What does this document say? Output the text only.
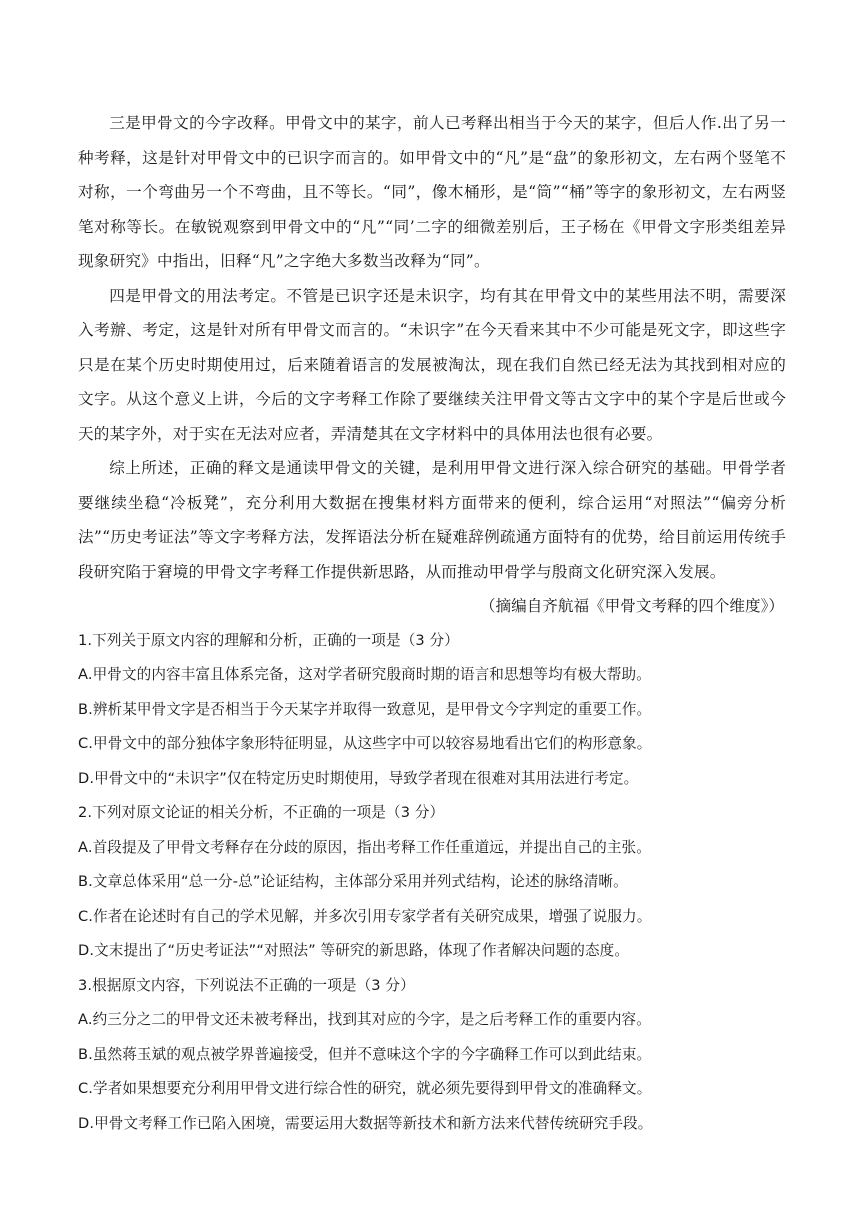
三是甲骨文的今字改释。甲骨文中的某字，前人已考释出相当于今天的某字，但后人作.出了另一种考释，这是针对甲骨文中的已识字而言的。如甲骨文中的“凡”是“盘”的象形初文，左右两个竖笔不对称，一个弯曲另一个不弯曲，且不等长。“同”，像木桶形，是“筒”“桶”等字的象形初文，左右两竖笔对称等长。在敏锐观察到甲骨文中的“凡”“同’二字的细微差别后，王子杨在《甲骨文字形类组差异现象研究》中指出，旧释“凡”之字绝大多数当改释为“同”。

四是甲骨文的用法考定。不管是已识字还是未识字，均有其在甲骨文中的某些用法不明，需要深入考辦、考定，这是针对所有甲骨文而言的。“未识字”在今天看来其中不少可能是死文字，即这些字只是在某个历史时期使用过，后来随着语言的发展被淘汰，现在我们自然已经无法为其找到相对应的文字。从这个意义上讲，今后的文字考释工作除了要继续关注甲骨文等古文字中的某个字是后世或今天的某字外，对于实在无法对应者，弄清楚其在文字材料中的具体用法也很有必要。

综上所述，正确的释文是通读甲骨文的关键，是利用甲骨文进行深入综合研究的基础。甲骨学者要继续坐稳“冷板凳”，充分利用大数据在搜集材料方面带来的便利，综合运用“对照法”“偏旁分析法”“历史考证法”等文字考释方法，发挥语法分析在疑难辞例疏通方面特有的优势，给目前运用传统手段研究陷于窘境的甲骨文字考释工作提供新思路，从而推动甲骨学与殷商文化研究深入发展。

（摘编自齐航福《甲骨文考释的四个维度》）

1.下列关于原文内容的理解和分析，正确的一项是（3 分）

A.甲骨文的内容丰富且体系完备，这对学者研究殷商时期的语言和思想等均有极大帮助。

B.辨析某甲骨文字是否相当于今天某字并取得一致意见，是甲骨文今字判定的重要工作。

C.甲骨文中的部分独体字象形特征明显，从这些字中可以较容易地看出它们的构形意象。

D.甲骨文中的“未识字”仅在特定历史时期使用，导致学者现在很难对其用法进行考定。

2.下列对原文论证的相关分析，不正确的一项是（3 分）

A.首段提及了甲骨文考释存在分歧的原因，指出考释工作任重道远，并提出自己的主张。

B.文章总体采用“总一分-总”论证结构，主体部分采用并列式结构，论述的脉络清晰。

C.作者在论述时有自己的学术见解，并多次引用专家学者有关研究成果，增强了说服力。

D.文末提出了“历史考证法”“对照法” 等研究的新思路，体现了作者解决问题的态度。

3.根据原文内容，下列说法不正确的一项是（3 分）

A.约三分之二的甲骨文还未被考释出，找到其对应的今字，是之后考释工作的重要内容。

B.虽然蒋玉斌的观点被学界普遍接受，但并不意味这个字的今字确释工作可以到此结束。

C.学者如果想要充分利用甲骨文进行综合性的研究，就必须先要得到甲骨文的准确释文。

D.甲骨文考释工作已陷入困境，需要运用大数据等新技术和新方法来代替传统研究手段。
